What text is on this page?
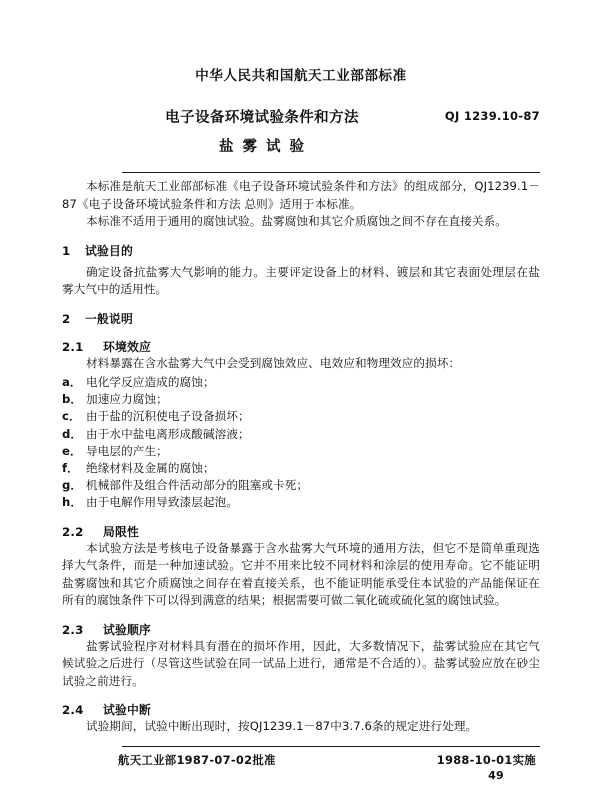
中华人民共和国航天工业部部标准
电子设备环境试验条件和方法
盐雾试验
QJ 1239.10-87
本标准是航天工业部部标准《电子设备环境试验条件和方法》的组成部分，QJ1239.1－87《电子设备环境试验条件和方法 总则》适用于本标准。
本标准不适用于通用的腐蚀试验。盐雾腐蚀和其它介质腐蚀之间不存在直接关系。
1 试验目的
确定设备抗盐雾大气影响的能力。主要评定设备上的材料、镀层和其它表面处理层在盐雾大气中的适用性。
2 一般说明
2.1 环境效应
材料暴露在含水盐雾大气中会受到腐蚀效应、电效应和物理效应的损坏：
a． 电化学反应造成的腐蚀；
b． 加速应力腐蚀；
c． 由于盐的沉积使电子设备损坏；
d． 由于水中盐电离形成酸碱溶液；
e． 导电层的产生；
f． 绝缘材料及金属的腐蚀；
g． 机械部件及组合件活动部分的阻塞或卡死；
h． 由于电解作用导致漆层起泡。
2.2 局限性
本试验方法是考核电子设备暴露于含水盐雾大气环境的通用方法，但它不是简单重现选择大气条件，而是一种加速试验。它并不用来比较不同材料和涂层的使用寿命。它不能证明盐雾腐蚀和其它介质腐蚀之间存在着直接关系，也不能证明能承受住本试验的产品能保证在所有的腐蚀条件下可以得到满意的结果；根据需要可做二氧化硫或硫化氢的腐蚀试验。
2.3 试验顺序
盐雾试验程序对材料具有潜在的损坏作用，因此，大多数情况下，盐雾试验应在其它气候试验之后进行（尽管这些试验在同一试品上进行，通常是不合适的）。盐雾试验应放在砂尘试验之前进行。
2.4 试验中断
试验期间，试验中断出现时，按QJ1239.1－87中3.7.6条的规定进行处理。
航天工业部1987-07-02批准	1988-10-01实施
49
